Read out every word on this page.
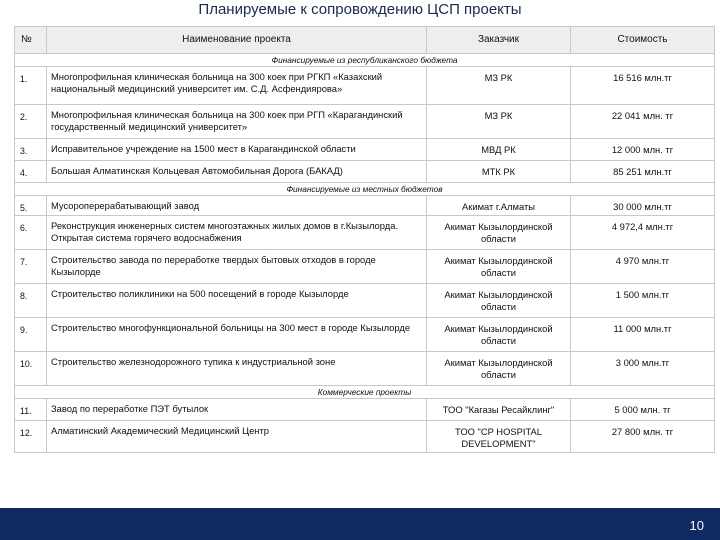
Планируемые к сопровождению ЦСП проекты
№	Наименование проекта	Заказчик	Стоимость
Финансируемые из республиканского бюджета			
1.	Многопрофильная клиническая больница на 300 коек при РГКП «Казахский национальный медицинский университет им. С.Д. Асфендиярова»	МЗ РК	16 516 млн.тг
2.	Многопрофильная клиническая больница на 300 коек при РГП «Карагандинский государственный медицинский университет»	МЗ РК	22 041 млн. тг
3.	Исправительное учреждение на 1500 мест в Карагандинской области	МВД РК	12 000 млн. тг
4.	Большая Алматинская Кольцевая Автомобильная Дорога (БАКАД)	МТК РК	85 251 млн.тг
Финансируемые из местных бюджетов			
5.	Мусороперерабатывающий завод	Акимат г.Алматы	30 000 млн.тг
6.	Реконструкция инженерных систем многоэтажных жилых домов в г.Кызылорда. Открытая система горячего водоснабжения	Акимат Кызылординской области	4 972,4 млн.тг
7.	Строительство завода по переработке твердых бытовых отходов в городе Кызылорде	Акимат Кызылординской области	4 970 млн.тг
8.	Строительство поликлиники на 500 посещений в городе Кызылорде	Акимат Кызылординской области	1 500 млн.тг
9.	Строительство многофункциональной больницы на 300 мест в городе Кызылорде	Акимат Кызылординской области	11 000 млн.тг
10.	Строительство железнодорожного тупика к индустриальной зоне	Акимат Кызылординской области	3 000 млн.тг
Коммерческие проекты			
11.	Завод по переработке ПЭТ бутылок	ТОО "Кагазы Ресайклинг"	5 000 млн. тг
12.	Алматинский Академический Медицинский Центр	ТОО "CP HOSPITAL DEVELOPMENT"	27 800 млн. тг
10
